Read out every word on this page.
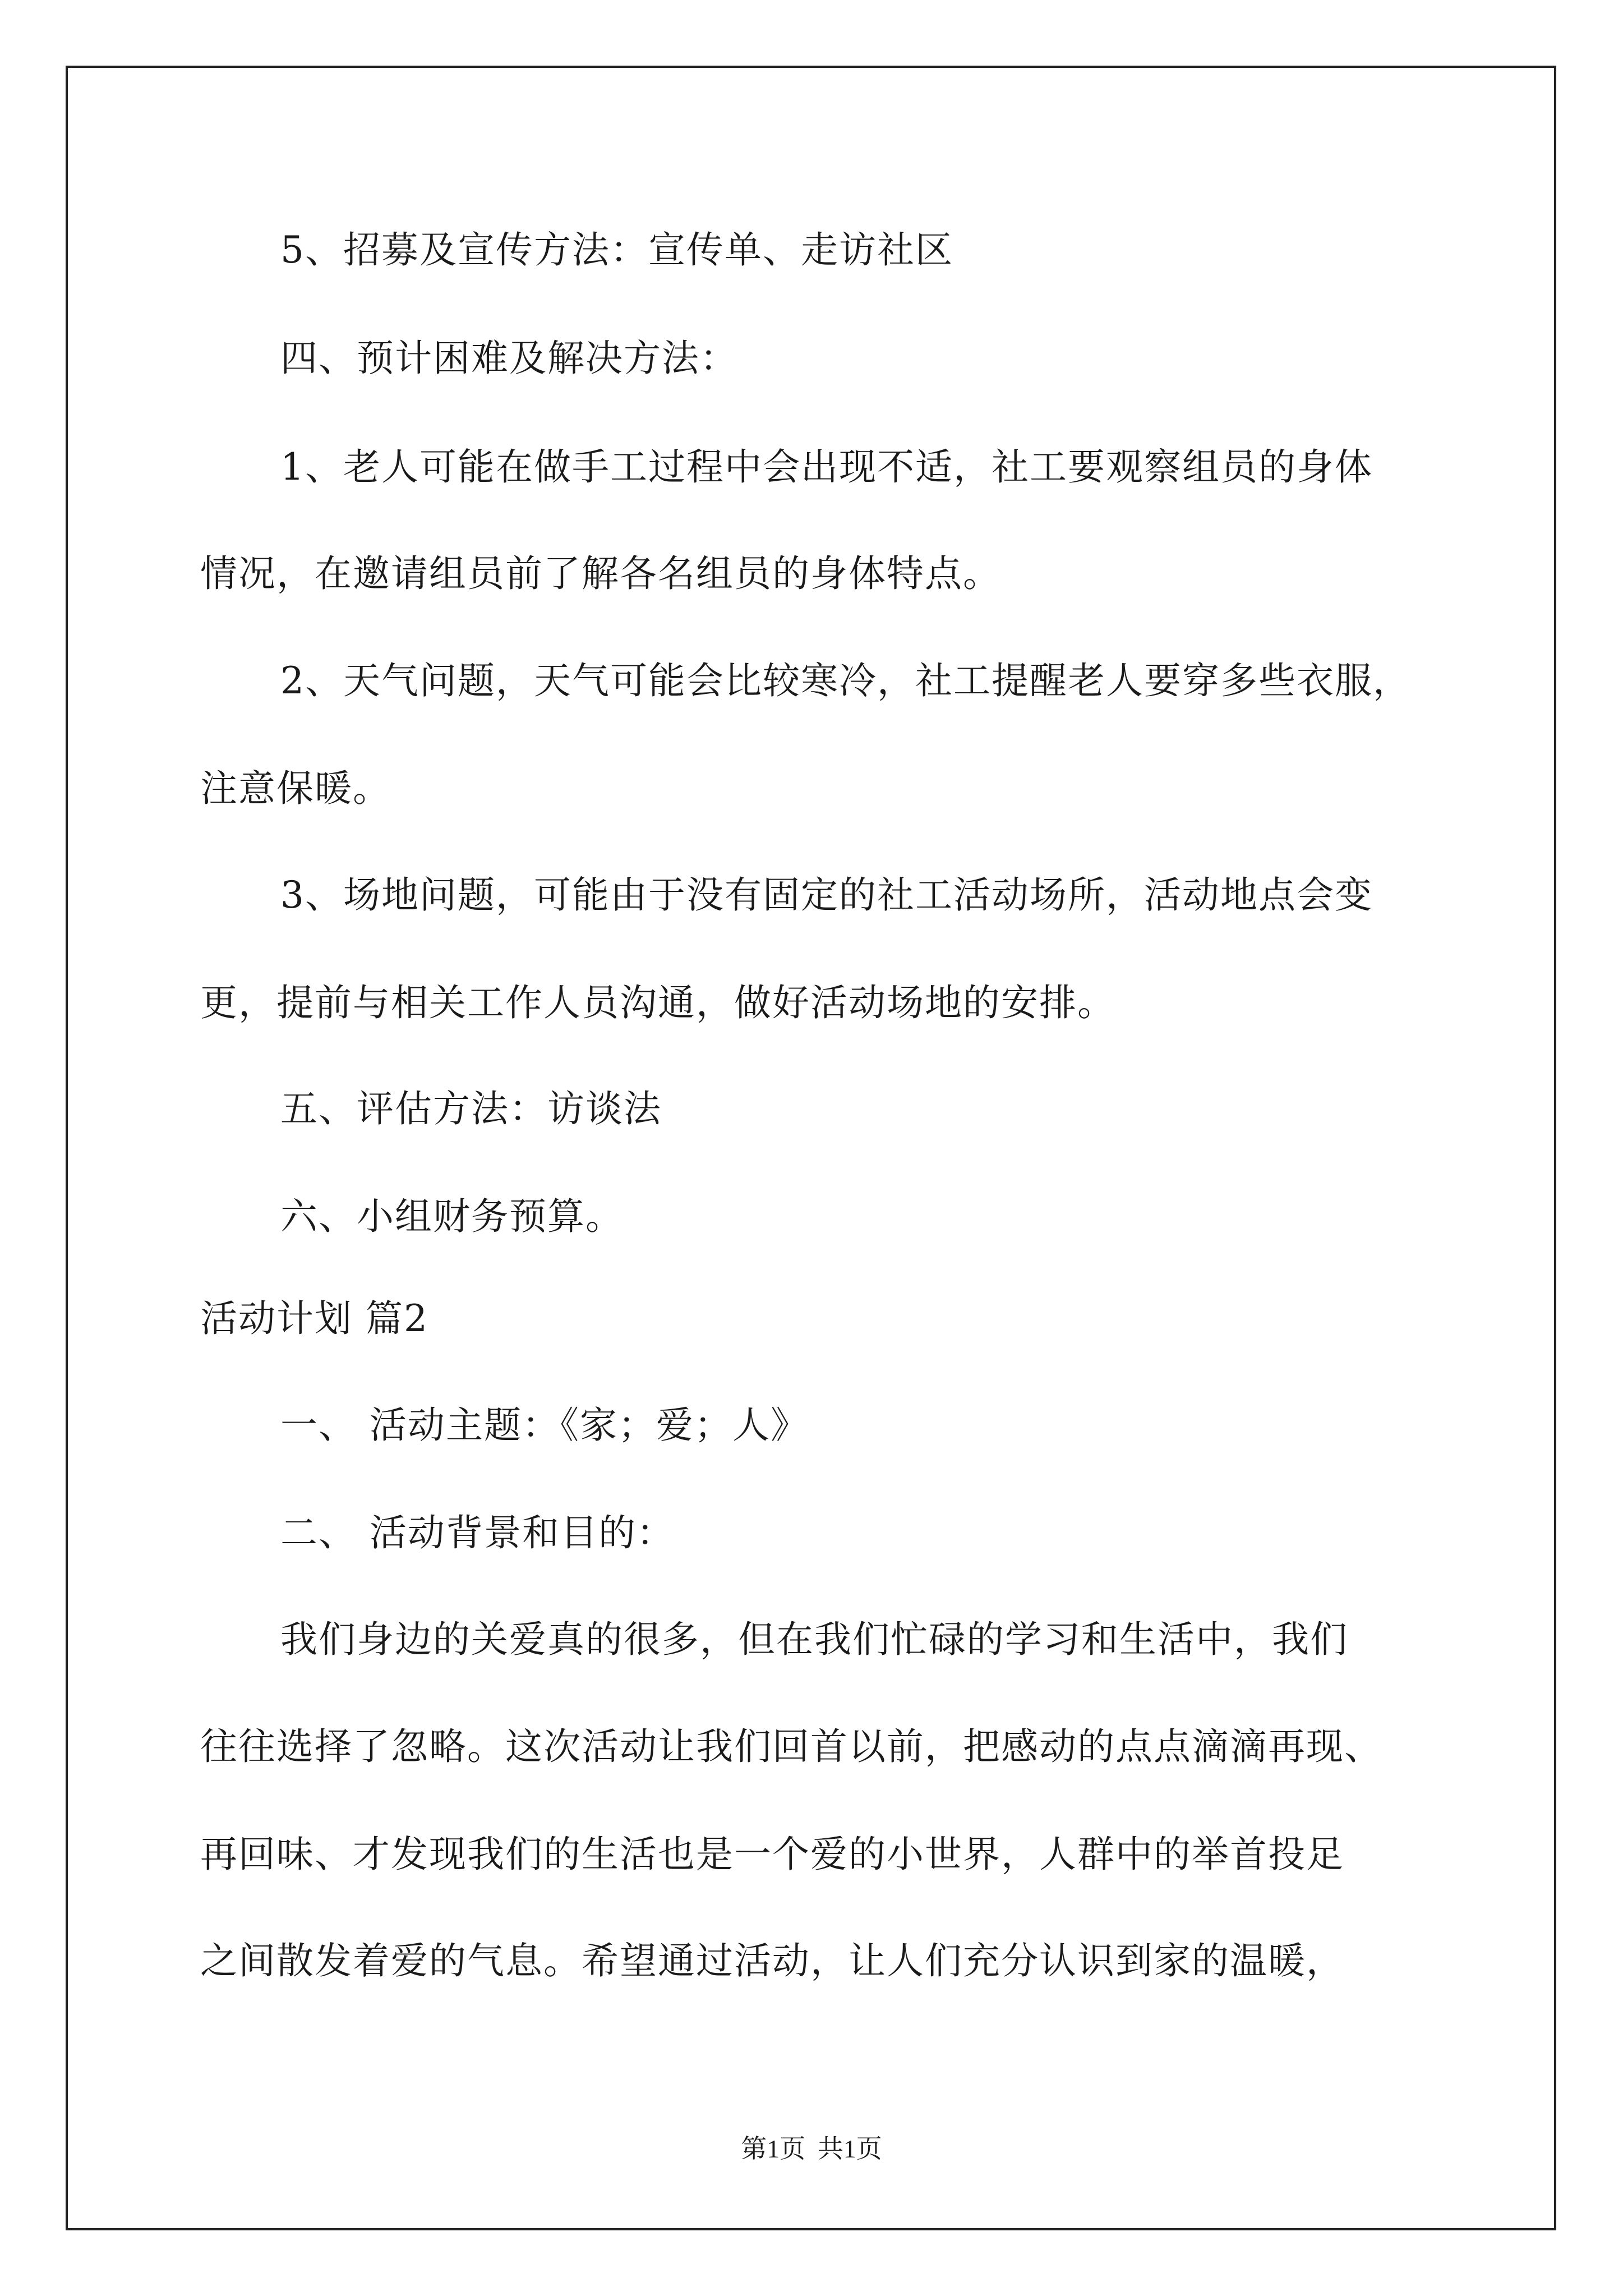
5、招募及宣传方法：宣传单、走访社区
四、预计困难及解决方法：
1、老人可能在做手工过程中会出现不适，社工要观察组员的身体
情况，在邀请组员前了解各名组员的身体特点。
2、天气问题，天气可能会比较寒冷，社工提醒老人要穿多些衣服，
注意保暖。
3、场地问题，可能由于没有固定的社工活动场所，活动地点会变
更，提前与相关工作人员沟通，做好活动场地的安排。
五、评估方法：访谈法
六、小组财务预算。
活动计划 篇2
一、 活动主题：《家；爱；人》
二、 活动背景和目的：
我们身边的关爱真的很多，但在我们忙碌的学习和生活中，我们
往往选择了忽略。这次活动让我们回首以前，把感动的点点滴滴再现、
再回味、才发现我们的生活也是一个爱的小世界，人群中的举首投足
之间散发着爱的气息。希望通过活动，让人们充分认识到家的温暖，
第1页 共1页
